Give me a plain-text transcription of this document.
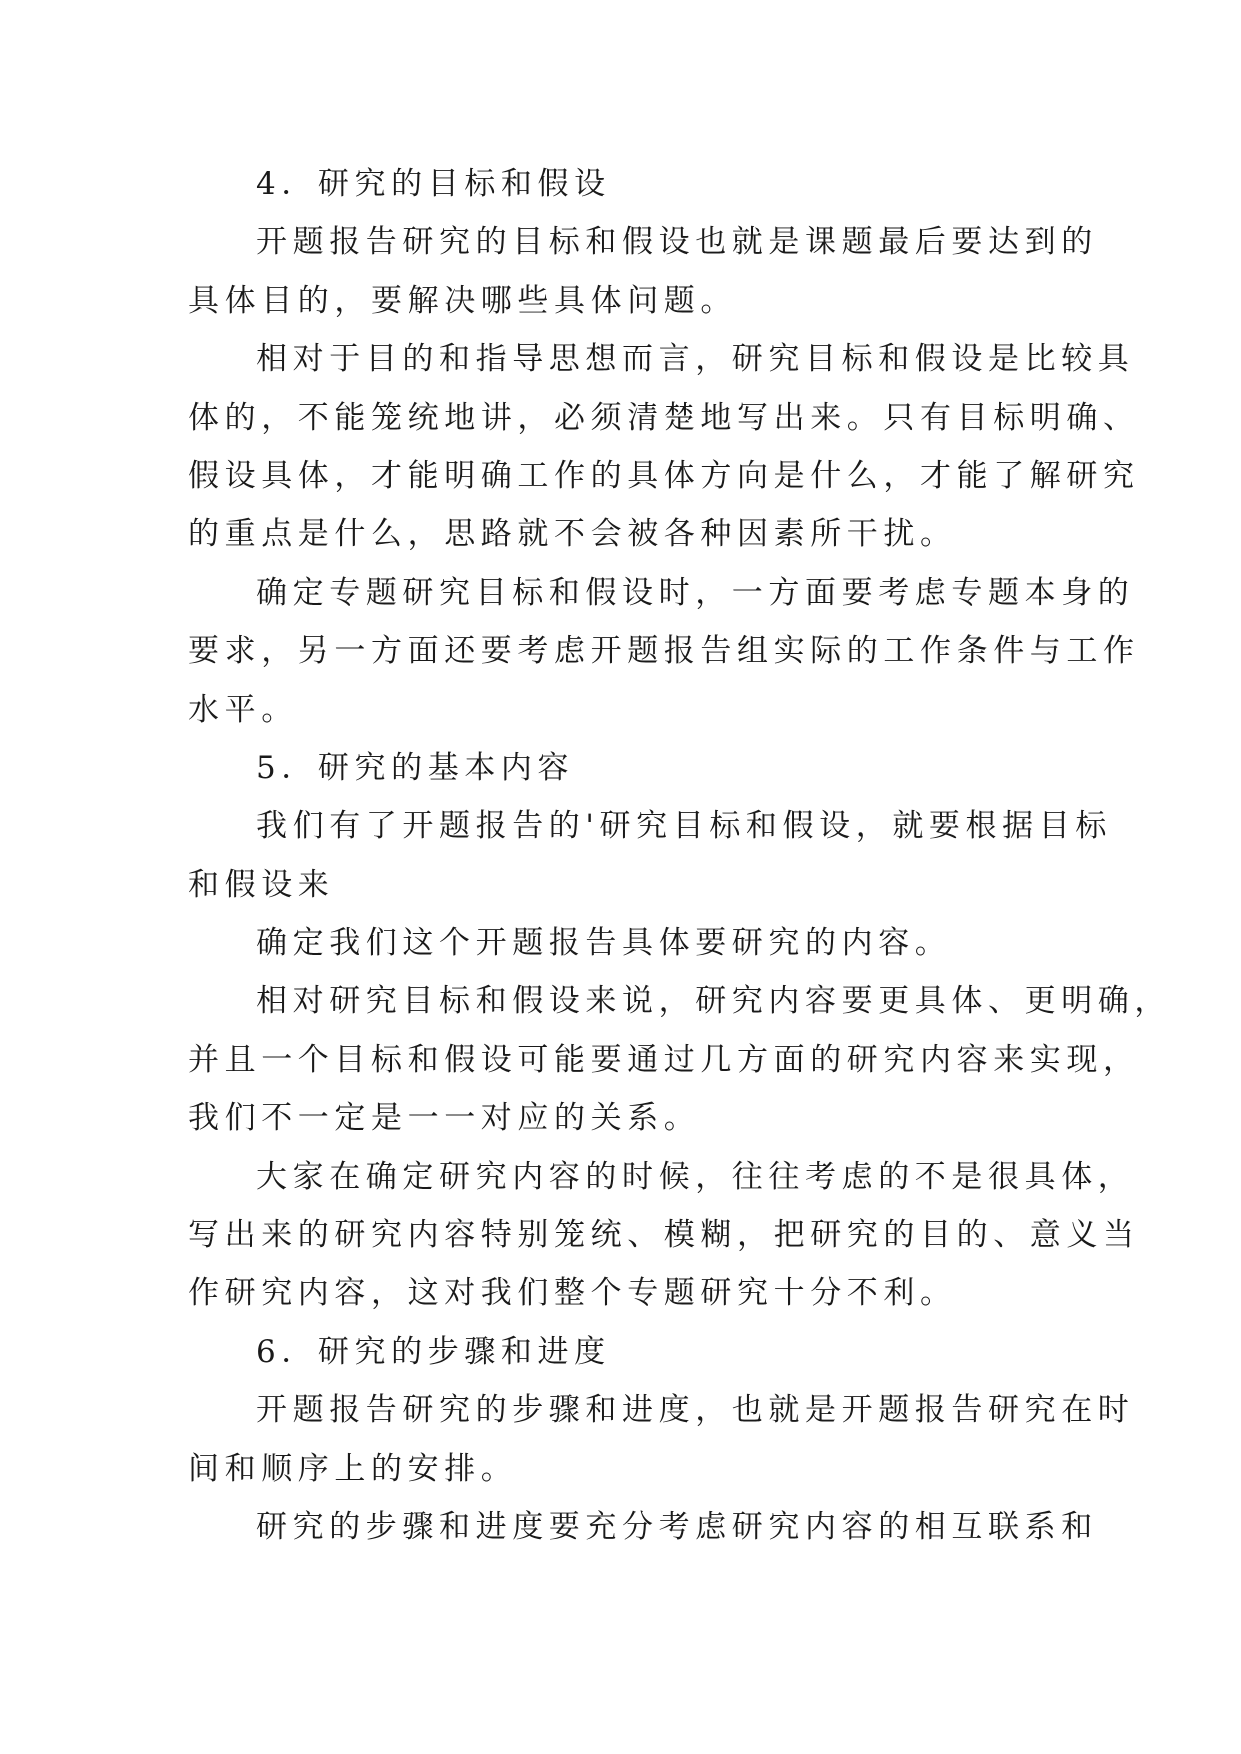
4．研究的目标和假设
开题报告研究的目标和假设也就是课题最后要达到的
具体目的，要解决哪些具体问题。
相对于目的和指导思想而言，研究目标和假设是比较具
体的，不能笼统地讲，必须清楚地写出来。只有目标明确、
假设具体，才能明确工作的具体方向是什么，才能了解研究
的重点是什么，思路就不会被各种因素所干扰。
确定专题研究目标和假设时，一方面要考虑专题本身的
要求，另一方面还要考虑开题报告组实际的工作条件与工作
水平。
5．研究的基本内容
我们有了开题报告的'研究目标和假设，就要根据目标
和假设来
确定我们这个开题报告具体要研究的内容。
相对研究目标和假设来说，研究内容要更具体、更明确，
并且一个目标和假设可能要通过几方面的研究内容来实现，
我们不一定是一一对应的关系。
大家在确定研究内容的时候，往往考虑的不是很具体，
写出来的研究内容特别笼统、模糊，把研究的目的、意义当
作研究内容，这对我们整个专题研究十分不利。
6．研究的步骤和进度
开题报告研究的步骤和进度，也就是开题报告研究在时
间和顺序上的安排。
研究的步骤和进度要充分考虑研究内容的相互联系和
